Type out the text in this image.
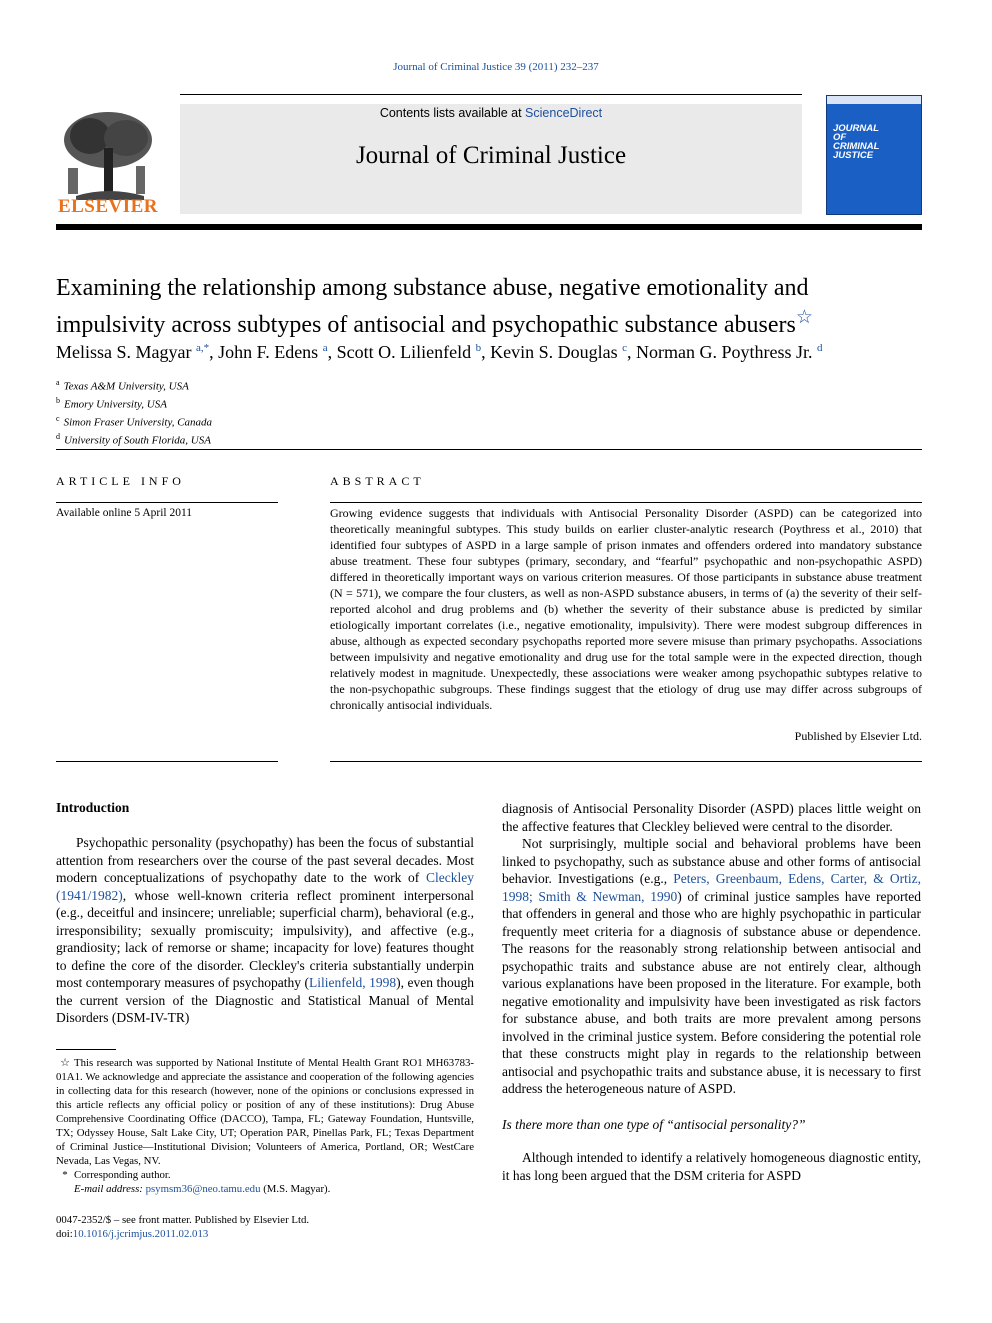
Journal of Criminal Justice 39 (2011) 232–237
ELSEVIER
Contents lists available at ScienceDirect
Journal of Criminal Justice
JOURNAL OF CRIMINAL JUSTICE
Examining the relationship among substance abuse, negative emotionality and impulsivity across subtypes of antisocial and psychopathic substance abusers☆
Melissa S. Magyar $^{a,*}$, John F. Edens $^a$, Scott O. Lilienfeld $^b$, Kevin S. Douglas $^c$, Norman G. Poythress Jr. $^d$
$^a$ Texas A&M University, USA
$^b$ Emory University, USA
$^c$ Simon Fraser University, Canada
$^d$ University of South Florida, USA
ARTICLE INFO
Available online 5 April 2011
ABSTRACT
Growing evidence suggests that individuals with Antisocial Personality Disorder (ASPD) can be categorized into theoretically meaningful subtypes. This study builds on earlier cluster-analytic research (Poythress et al., 2010) that identified four subtypes of ASPD in a large sample of prison inmates and offenders ordered into mandatory substance abuse treatment. These four subtypes (primary, secondary, and “fearful” psychopathic and non-psychopathic ASPD) differed in theoretically important ways on various criterion measures. Of those participants in substance abuse treatment (N = 571), we compare the four clusters, as well as non-ASPD substance abusers, in terms of (a) the severity of their self-reported alcohol and drug problems and (b) whether the severity of their substance abuse is predicted by similar etiologically important correlates (i.e., negative emotionality, impulsivity). There were modest subgroup differences in abuse, although as expected secondary psychopaths reported more severe misuse than primary psychopaths. Associations between impulsivity and negative emotionality and drug use for the total sample were in the expected direction, though relatively modest in magnitude. Unexpectedly, these associations were weaker among psychopathic subtypes relative to the non-psychopathic subgroups. These findings suggest that the etiology of drug use may differ across subgroups of chronically antisocial individuals.
Published by Elsevier Ltd.
Introduction

Psychopathic personality (psychopathy) has been the focus of substantial attention from researchers over the course of the past several decades. Most modern conceptualizations of psychopathy date to the work of Cleckley (1941/1982), whose well-known criteria reflect prominent interpersonal (e.g., deceitful and insincere; unreliable; superficial charm), behavioral (e.g., irresponsibility; sexually promiscuity; impulsivity), and affective (e.g., grandiosity; lack of remorse or shame; incapacity for love) features thought to define the core of the disorder. Cleckley's criteria substantially underpin most contemporary measures of psychopathy (Lilienfeld, 1998), even though the current version of the Diagnostic and Statistical Manual of Mental Disorders (DSM-IV-TR)

diagnosis of Antisocial Personality Disorder (ASPD) places little weight on the affective features that Cleckley believed were central to the disorder.

Not surprisingly, multiple social and behavioral problems have been linked to psychopathy, such as substance abuse and other forms of antisocial behavior. Investigations (e.g., Peters, Greenbaum, Edens, Carter, & Ortiz, 1998; Smith & Newman, 1990) of criminal justice samples have reported that offenders in general and those who are highly psychopathic in particular frequently meet criteria for a diagnosis of substance abuse or dependence. The reasons for the reasonably strong relationship between antisocial and psychopathic traits and substance abuse are not entirely clear, although various explanations have been proposed in the literature. For example, both negative emotionality and impulsivity have been investigated as risk factors for substance abuse, and both traits are more prevalent among persons involved in the criminal justice system. Before considering the potential role that these constructs might play in regards to the relationship between antisocial and psychopathic traits and substance abuse, it is necessary to first address the heterogeneous nature of ASPD.

Is there more than one type of “antisocial personality?”

Although intended to identify a relatively homogeneous diagnostic entity, it has long been argued that the DSM criteria for ASPD

☆ This research was supported by National Institute of Mental Health Grant RO1 MH63783-01A1. We acknowledge and appreciate the assistance and cooperation of the following agencies in collecting data for this research (however, none of the opinions or conclusions expressed in this article reflects any official policy or position of any of these institutions): Drug Abuse Comprehensive Coordinating Office (DACCO), Tampa, FL; Gateway Foundation, Huntsville, TX; Odyssey House, Salt Lake City, UT; Operation PAR, Pinellas Park, FL; Texas Department of Criminal Justice—Institutional Division; Volunteers of America, Portland, OR; WestCare Nevada, Las Vegas, NV.

* Corresponding author.

E-mail address: psymsm36@neo.tamu.edu (M.S. Magyar).

0047-2352/$ – see front matter. Published by Elsevier Ltd.
doi:10.1016/j.jcrimjus.2011.02.013
